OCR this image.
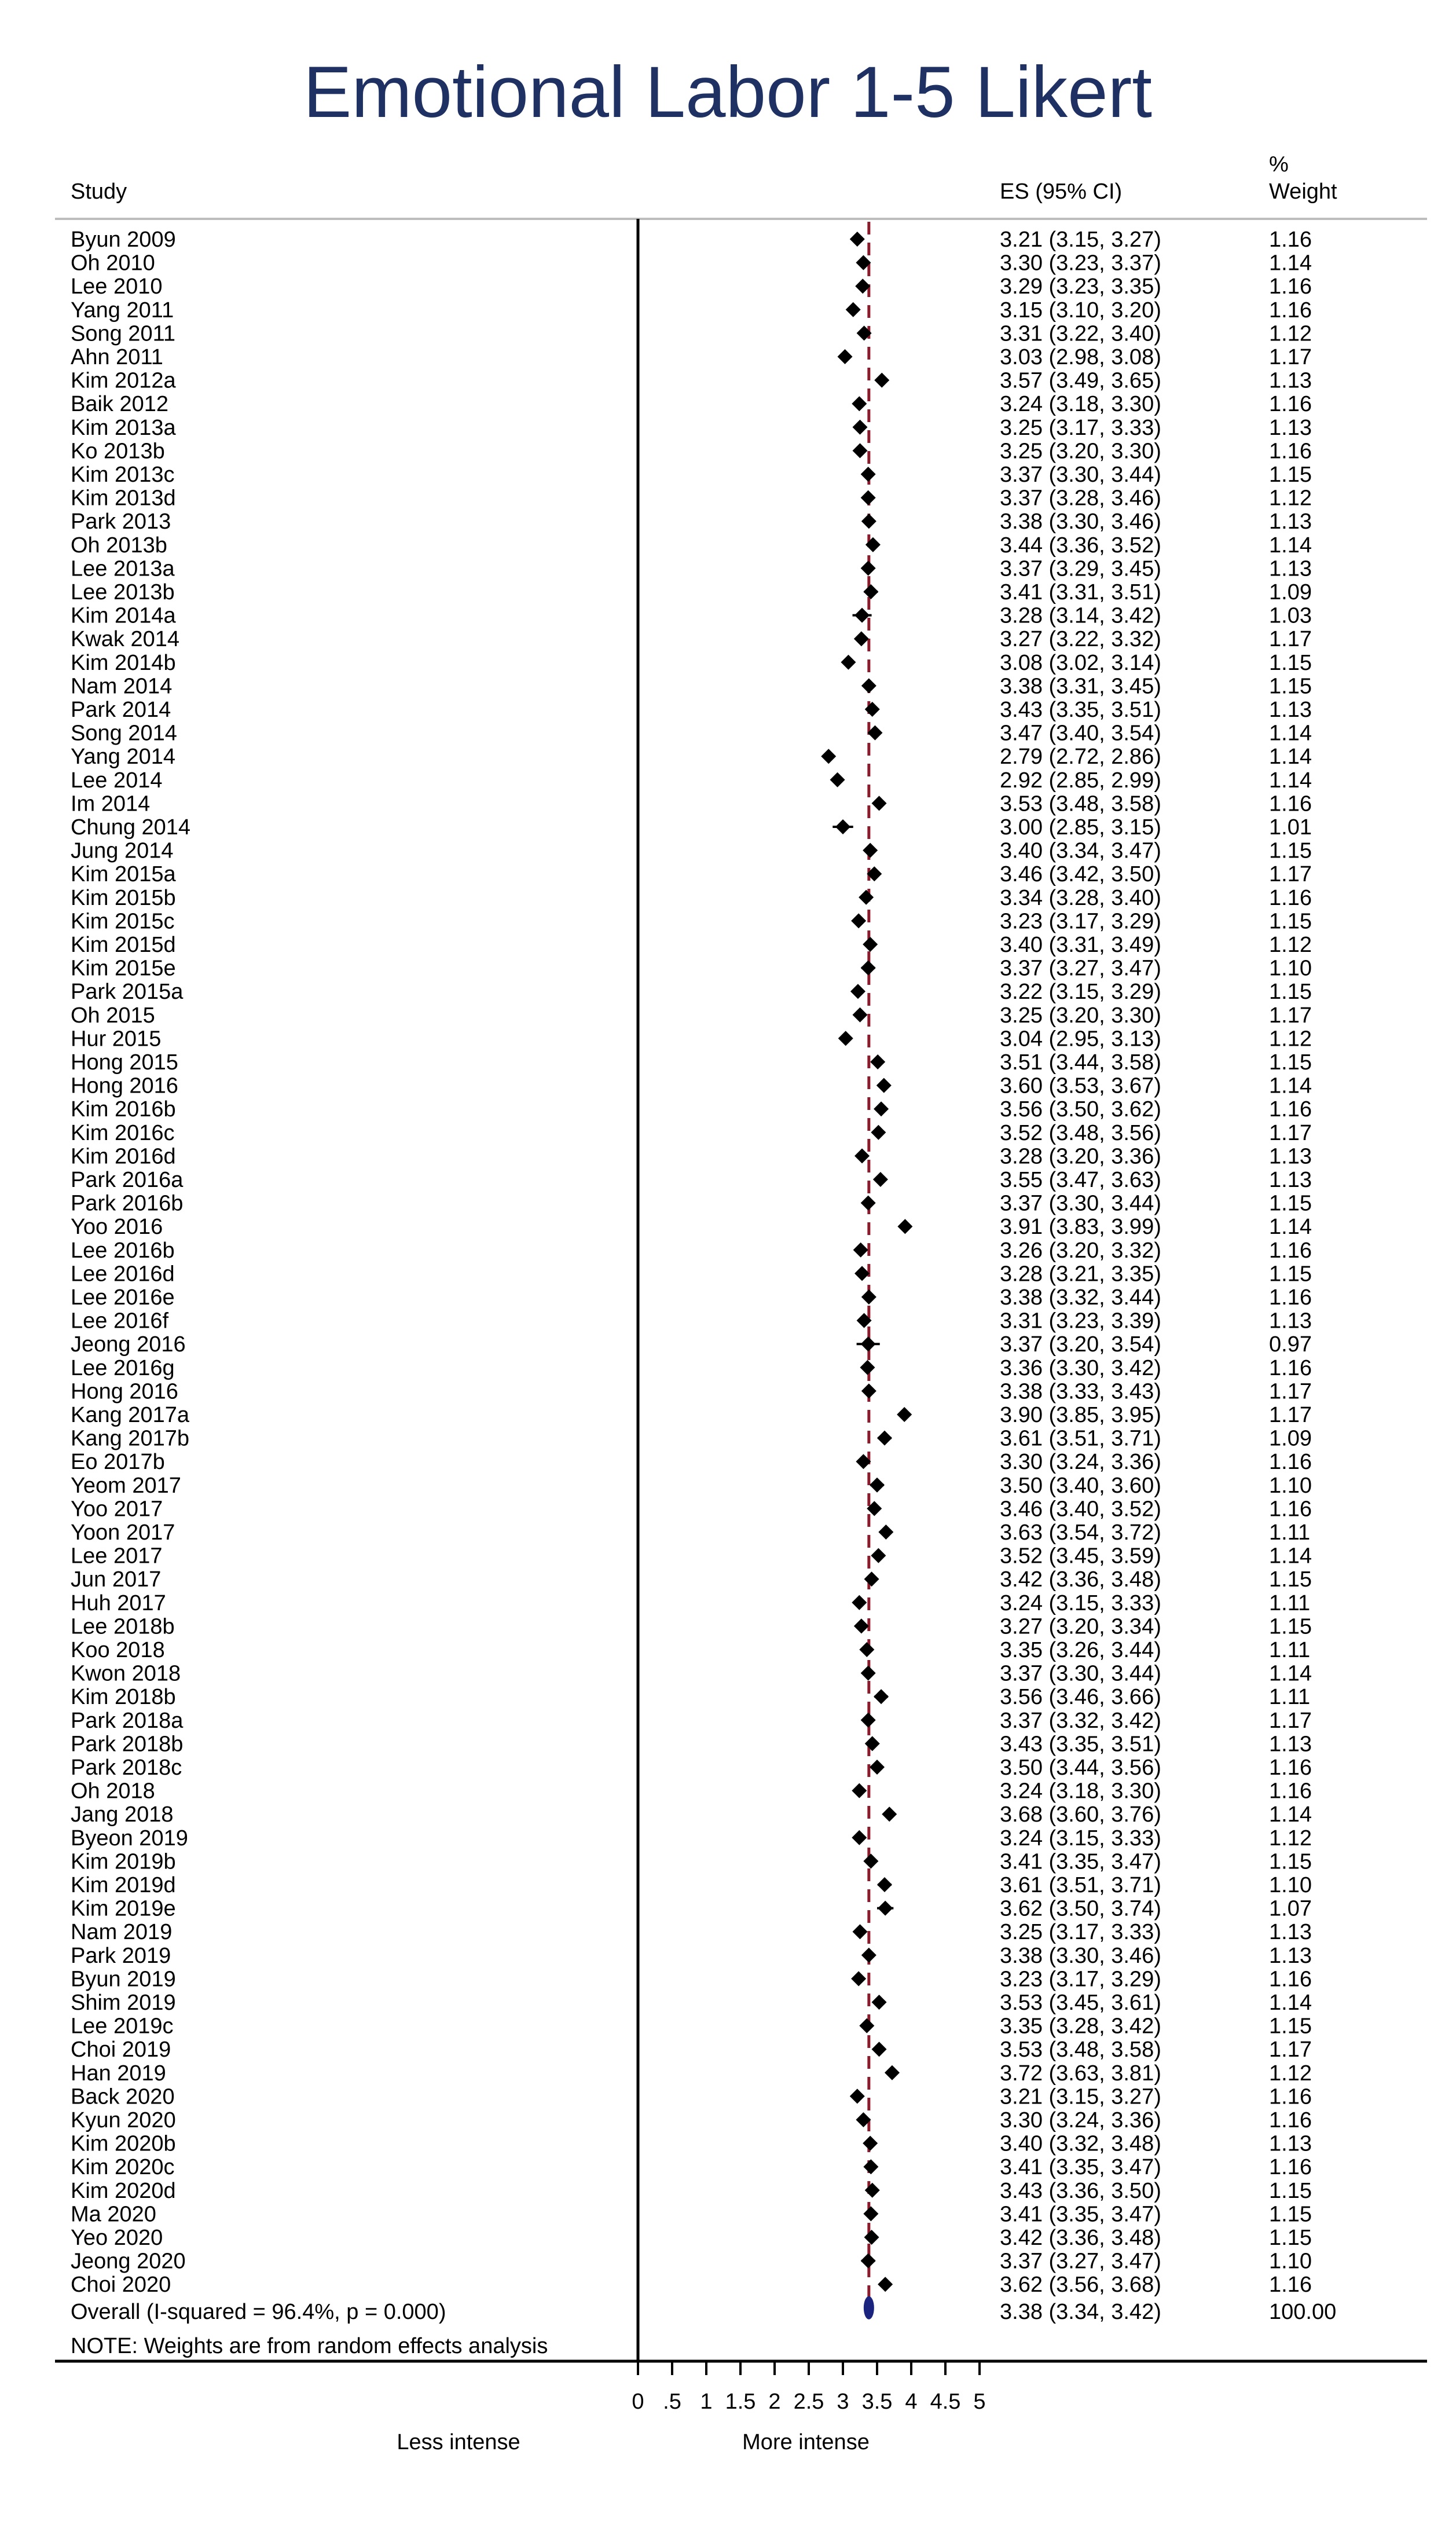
Emotional Labor 1-5 Likert
%
Study	ES (95% CI)	Weight
Byun 2009	3.21 (3.15, 3.27)	1.16
Oh 2010	3.30 (3.23, 3.37)	1.14
Lee 2010	3.29 (3.23, 3.35)	1.16
Yang 2011	3.15 (3.10, 3.20)	1.16
Song 2011	3.31 (3.22, 3.40)	1.12
Ahn 2011	3.03 (2.98, 3.08)	1.17
Kim 2012a	3.57 (3.49, 3.65)	1.13
Baik 2012	3.24 (3.18, 3.30)	1.16
Kim 2013a	3.25 (3.17, 3.33)	1.13
Ko 2013b	3.25 (3.20, 3.30)	1.16
Kim 2013c	3.37 (3.30, 3.44)	1.15
Kim 2013d	3.37 (3.28, 3.46)	1.12
Park 2013	3.38 (3.30, 3.46)	1.13
Oh 2013b	3.44 (3.36, 3.52)	1.14
Lee 2013a	3.37 (3.29, 3.45)	1.13
Lee 2013b	3.41 (3.31, 3.51)	1.09
Kim 2014a	3.28 (3.14, 3.42)	1.03
Kwak 2014	3.27 (3.22, 3.32)	1.17
Kim 2014b	3.08 (3.02, 3.14)	1.15
Nam 2014	3.38 (3.31, 3.45)	1.15
Park 2014	3.43 (3.35, 3.51)	1.13
Song 2014	3.47 (3.40, 3.54)	1.14
Yang 2014	2.79 (2.72, 2.86)	1.14
Lee 2014	2.92 (2.85, 2.99)	1.14
Im 2014	3.53 (3.48, 3.58)	1.16
Chung 2014	3.00 (2.85, 3.15)	1.01
Jung 2014	3.40 (3.34, 3.47)	1.15
Kim 2015a	3.46 (3.42, 3.50)	1.17
Kim 2015b	3.34 (3.28, 3.40)	1.16
Kim 2015c	3.23 (3.17, 3.29)	1.15
Kim 2015d	3.40 (3.31, 3.49)	1.12
Kim 2015e	3.37 (3.27, 3.47)	1.10
Park 2015a	3.22 (3.15, 3.29)	1.15
Oh 2015	3.25 (3.20, 3.30)	1.17
Hur 2015	3.04 (2.95, 3.13)	1.12
Hong 2015	3.51 (3.44, 3.58)	1.15
Hong 2016	3.60 (3.53, 3.67)	1.14
Kim 2016b	3.56 (3.50, 3.62)	1.16
Kim 2016c	3.52 (3.48, 3.56)	1.17
Kim 2016d	3.28 (3.20, 3.36)	1.13
Park 2016a	3.55 (3.47, 3.63)	1.13
Park 2016b	3.37 (3.30, 3.44)	1.15
Yoo 2016	3.91 (3.83, 3.99)	1.14
Lee 2016b	3.26 (3.20, 3.32)	1.16
Lee 2016d	3.28 (3.21, 3.35)	1.15
Lee 2016e	3.38 (3.32, 3.44)	1.16
Lee 2016f	3.31 (3.23, 3.39)	1.13
Jeong 2016	3.37 (3.20, 3.54)	0.97
Lee 2016g	3.36 (3.30, 3.42)	1.16
Hong 2016	3.38 (3.33, 3.43)	1.17
Kang 2017a	3.90 (3.85, 3.95)	1.17
Kang 2017b	3.61 (3.51, 3.71)	1.09
Eo 2017b	3.30 (3.24, 3.36)	1.16
Yeom 2017	3.50 (3.40, 3.60)	1.10
Yoo 2017	3.46 (3.40, 3.52)	1.16
Yoon 2017	3.63 (3.54, 3.72)	1.11
Lee 2017	3.52 (3.45, 3.59)	1.14
Jun 2017	3.42 (3.36, 3.48)	1.15
Huh 2017	3.24 (3.15, 3.33)	1.11
Lee 2018b	3.27 (3.20, 3.34)	1.15
Koo 2018	3.35 (3.26, 3.44)	1.11
Kwon 2018	3.37 (3.30, 3.44)	1.14
Kim 2018b	3.56 (3.46, 3.66)	1.11
Park 2018a	3.37 (3.32, 3.42)	1.17
Park 2018b	3.43 (3.35, 3.51)	1.13
Park 2018c	3.50 (3.44, 3.56)	1.16
Oh 2018	3.24 (3.18, 3.30)	1.16
Jang 2018	3.68 (3.60, 3.76)	1.14
Byeon 2019	3.24 (3.15, 3.33)	1.12
Kim 2019b	3.41 (3.35, 3.47)	1.15
Kim 2019d	3.61 (3.51, 3.71)	1.10
Kim 2019e	3.62 (3.50, 3.74)	1.07
Nam 2019	3.25 (3.17, 3.33)	1.13
Park 2019	3.38 (3.30, 3.46)	1.13
Byun 2019	3.23 (3.17, 3.29)	1.16
Shim 2019	3.53 (3.45, 3.61)	1.14
Lee 2019c	3.35 (3.28, 3.42)	1.15
Choi 2019	3.53 (3.48, 3.58)	1.17
Han 2019	3.72 (3.63, 3.81)	1.12
Back 2020	3.21 (3.15, 3.27)	1.16
Kyun 2020	3.30 (3.24, 3.36)	1.16
Kim 2020b	3.40 (3.32, 3.48)	1.13
Kim 2020c	3.41 (3.35, 3.47)	1.16
Kim 2020d	3.43 (3.36, 3.50)	1.15
Ma 2020	3.41 (3.35, 3.47)	1.15
Yeo 2020	3.42 (3.36, 3.48)	1.15
Jeong 2020	3.37 (3.27, 3.47)	1.10
Choi 2020	3.62 (3.56, 3.68)	1.16
Overall (I-squared = 96.4%, p = 0.000)	3.38 (3.34, 3.42)	100.00
NOTE: Weights are from random effects analysis
0 .5 1 1.5 2 2.5 3 3.5 4 4.5 5
Less intense	More intense
